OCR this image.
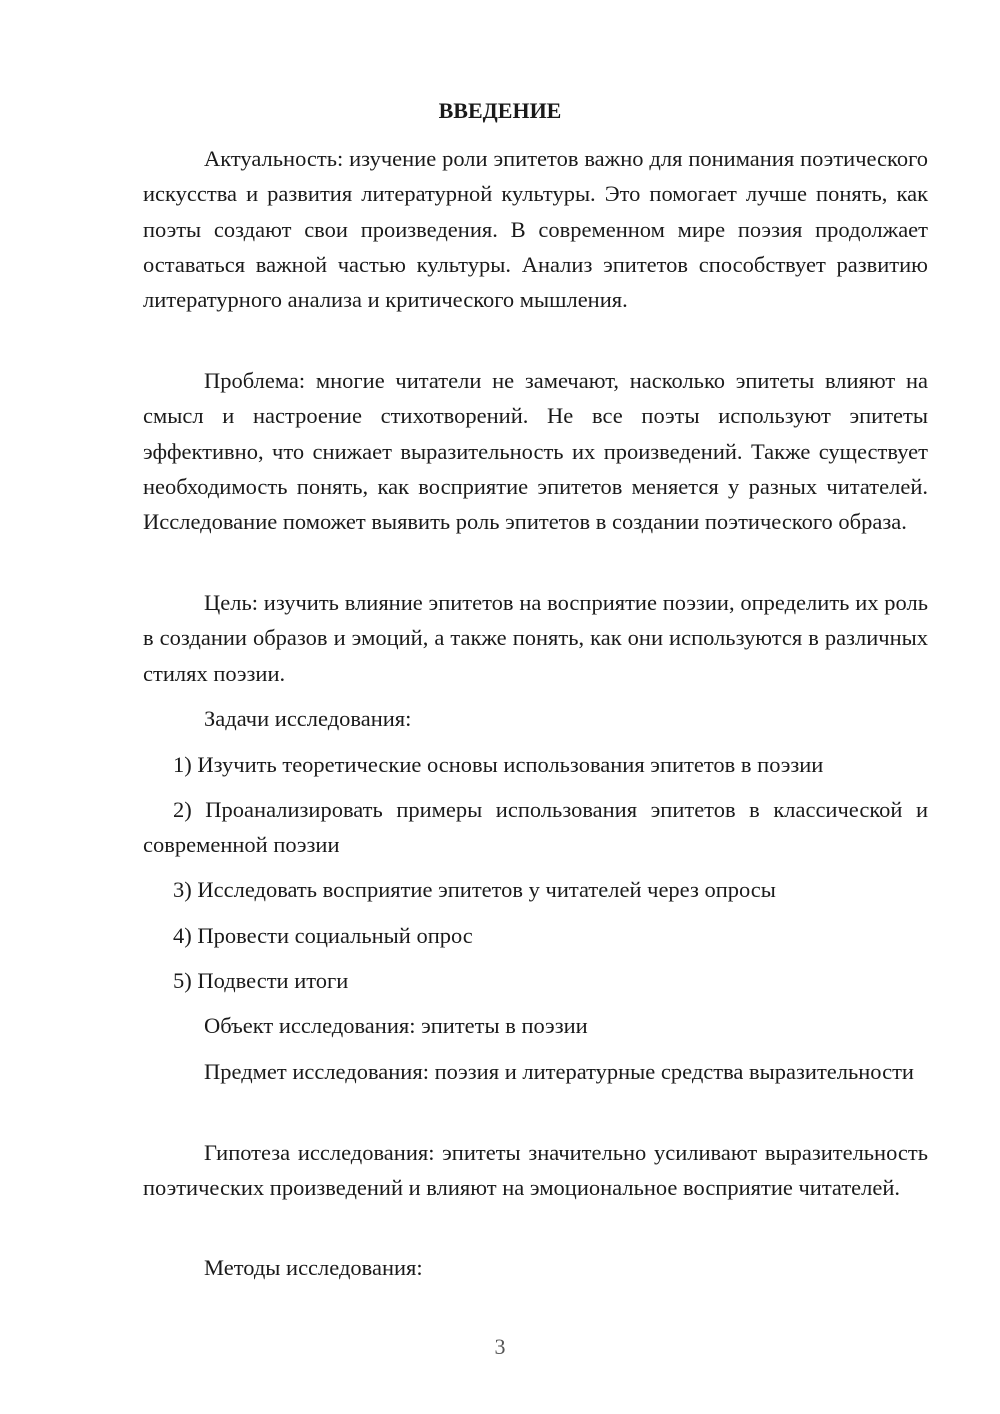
ВВЕДЕНИЕ

Актуальность: изучение роли эпитетов важно для понимания поэтического искусства и развития литературной культуры. Это помогает лучше понять, как поэты создают свои произведения. В современном мире поэзия продолжает оставаться важной частью культуры. Анализ эпитетов способствует развитию литературного анализа и критического мышления.

Проблема: многие читатели не замечают, насколько эпитеты влияют на смысл и настроение стихотворений. Не все поэты используют эпитеты эффективно, что снижает выразительность их произведений. Также существует необходимость понять, как восприятие эпитетов меняется у разных читателей. Исследование поможет выявить роль эпитетов в создании поэтического образа.

Цель: изучить влияние эпитетов на восприятие поэзии, определить их роль в создании образов и эмоций, а также понять, как они используются в различных стилях поэзии.

Задачи исследования:

1) Изучить теоретические основы использования эпитетов в поэзии

2) Проанализировать примеры использования эпитетов в классической и современной поэзии

3) Исследовать восприятие эпитетов у читателей через опросы

4) Провести социальный опрос

5) Подвести итоги

Объект исследования: эпитеты в поэзии

Предмет исследования: поэзия и литературные средства выразительности

Гипотеза исследования: эпитеты значительно усиливают выразительность поэтических произведений и влияют на эмоциональное восприятие читателей.

Методы исследования:

3
